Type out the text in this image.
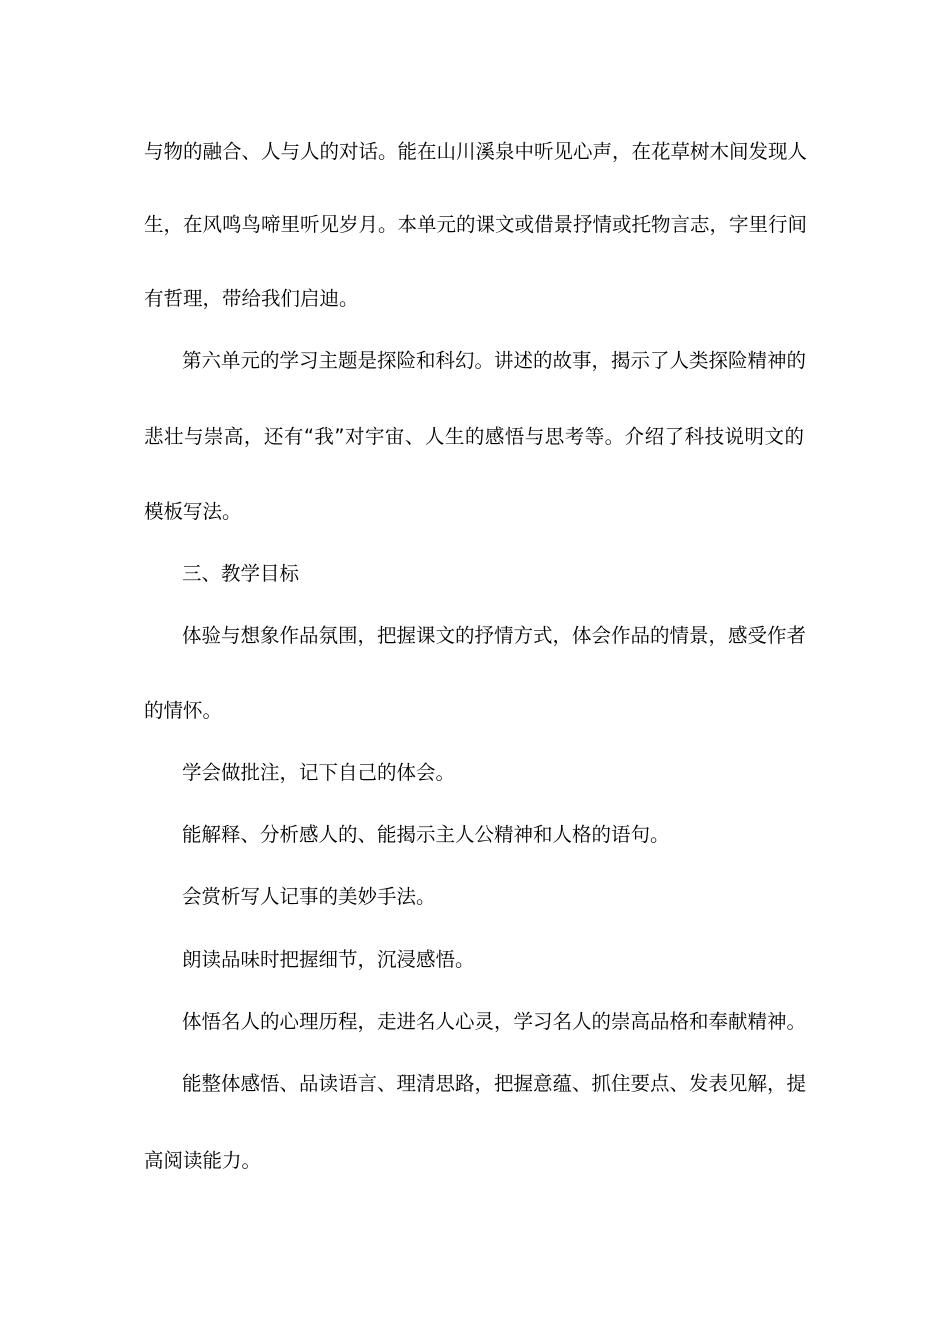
与物的融合、人与人的对话。能在山川溪泉中听见心声，在花草树木间发现人
生，在风鸣鸟啼里听见岁月。本单元的课文或借景抒情或托物言志，字里行间
有哲理，带给我们启迪。
第六单元的学习主题是探险和科幻。讲述的故事，揭示了人类探险精神的
悲壮与崇高，还有“我”对宇宙、人生的感悟与思考等。介绍了科技说明文的
模板写法。
三、教学目标
体验与想象作品氛围，把握课文的抒情方式，体会作品的情景，感受作者
的情怀。
学会做批注，记下自己的体会。
能解释、分析感人的、能揭示主人公精神和人格的语句。
会赏析写人记事的美妙手法。
朗读品味时把握细节，沉浸感悟。
体悟名人的心理历程，走进名人心灵，学习名人的崇高品格和奉献精神。
能整体感悟、品读语言、理清思路，把握意蕴、抓住要点、发表见解，提
高阅读能力。
